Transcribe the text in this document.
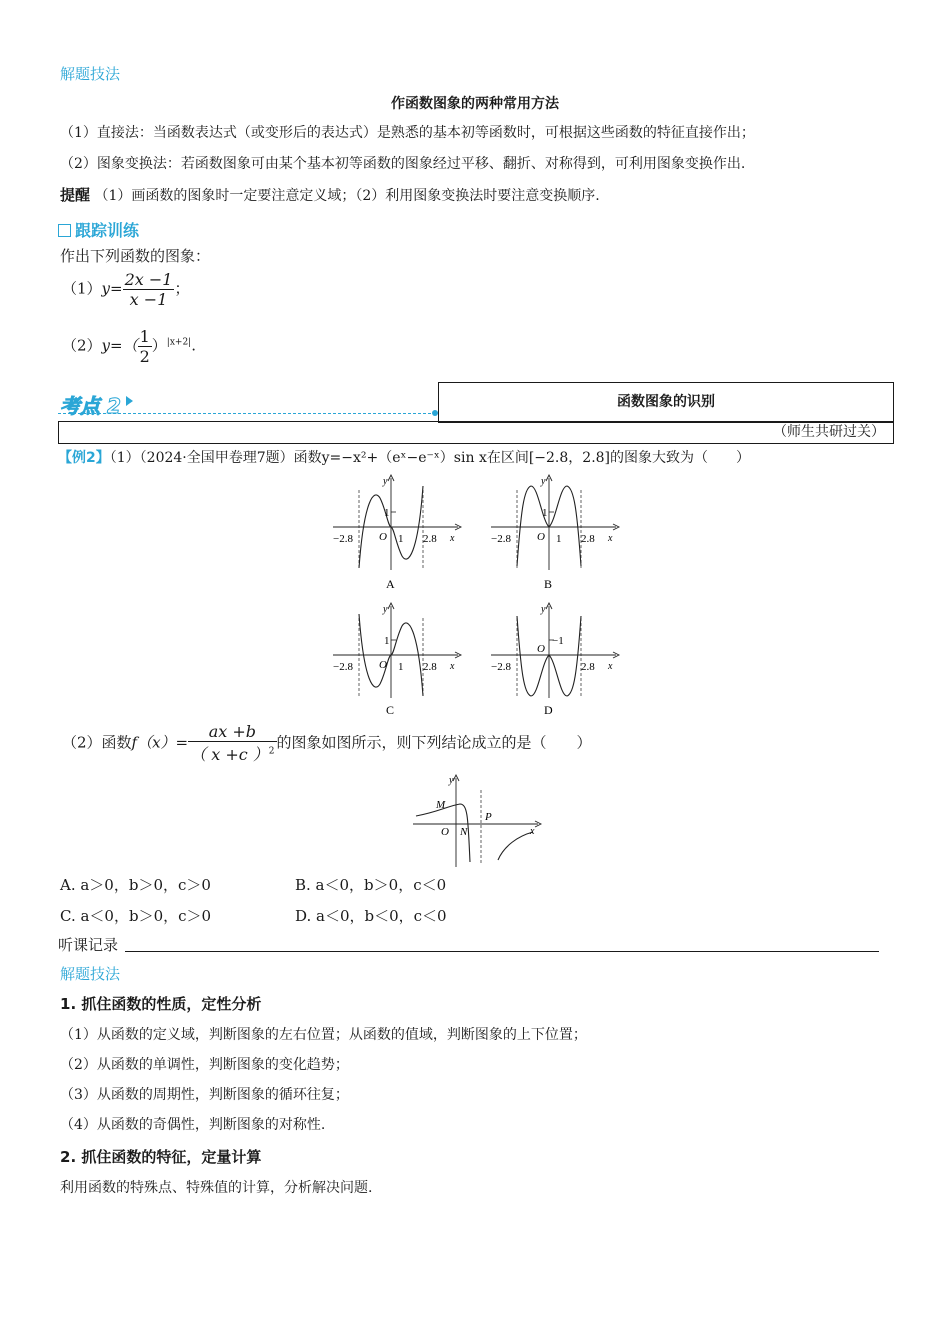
解题技法
作函数图象的两种常用方法
（1）直接法：当函数表达式（或变形后的表达式）是熟悉的基本初等函数时，可根据这些函数的特征直接作出；
（2）图象变换法：若函数图象可由某个基本初等函数的图象经过平移、翻折、对称得到，可利用图象变换作出.
提醒 （1）画函数的图象时一定要注意定义域；（2）利用图象变换法时要注意变换顺序.
跟踪训练
作出下列函数的图象：
$(1)y= \frac{2x -1}{x -1}$ ；
$(2)y=( \frac{1}{2} )^{|x+2|}$.
考点 2	函数图象的识别
（师生共研过关）
【例2】（1）（2024·全国甲卷理7题）函数y=−x²+（eˣ−e⁻ˣ）sin x在区间[−2.8，2.8]的图象大致为（　　）
−2.8	2.8
1
1
O	x
y
A
−2.8	2.8
1
1
O	x
y
B
−2.8	2.8
1
1
O	x
y
C
−2.8	2.8
−1
O
x
y
D
（2）函数$f(x)= \frac{ax +b}{( x +c )^2}$ 的图象如图所示，则下列结论成立的是（　　）
M
N
P
O	x
y
A. a＞0，b＞0，c＞0	B. a＜0，b＞0，c＜0
C. a＜0，b＞0，c＞0	D. a＜0，b＜0，c＜0
听课记录
解题技法
1. 抓住函数的性质，定性分析
（1）从函数的定义域，判断图象的左右位置；从函数的值域，判断图象的上下位置；
（2）从函数的单调性，判断图象的变化趋势；
（3）从函数的周期性，判断图象的循环往复；
（4）从函数的奇偶性，判断图象的对称性.
2. 抓住函数的特征，定量计算
利用函数的特殊点、特殊值的计算，分析解决问题.
